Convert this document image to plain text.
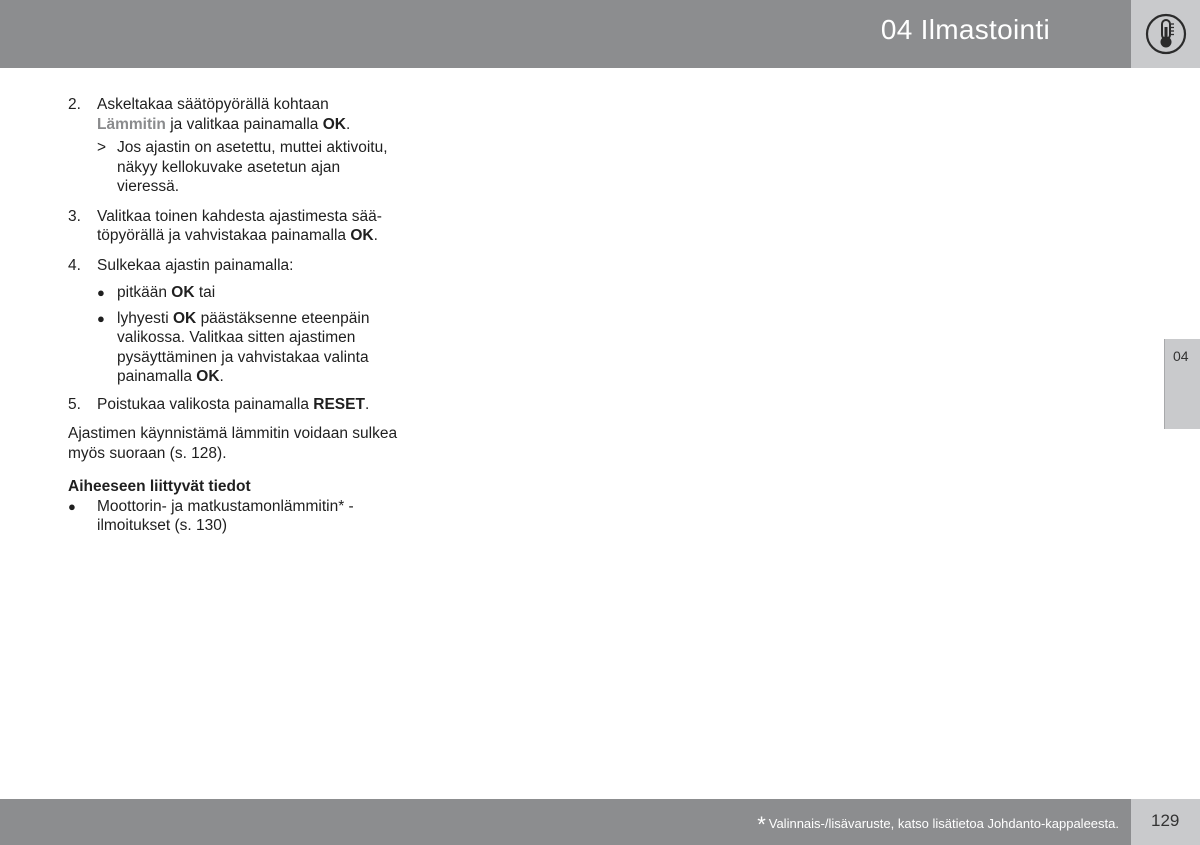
04 Ilmastointi
04
2.	Askeltakaa säätöpyörällä kohtaan
Lämmitin ja valitkaa painamalla OK.
> Jos ajastin on asetettu, muttei aktivoitu, näkyy kellokuvake asetetun ajan vieressä.
3.	Valitkaa toinen kahdesta ajastimesta säätöpyörällä ja vahvistakaa painamalla OK.
4.	Sulkekaa ajastin painamalla:
● pitkään OK tai
● lyhyesti OK päästäksenne eteenpäin valikossa. Valitkaa sitten ajastimen pysäyttäminen ja vahvistakaa valinta painamalla OK.
5.	Poistukaa valikosta painamalla RESET.
Ajastimen käynnistämä lämmitin voidaan sulkea myös suoraan (s. 128).
Aiheeseen liittyvät tiedot
●	Moottorin- ja matkustamonlämmitin* - ilmoitukset (s. 130)
* Valinnais-/lisävaruste, katso lisätietoa Johdanto-kappaleesta. 129
